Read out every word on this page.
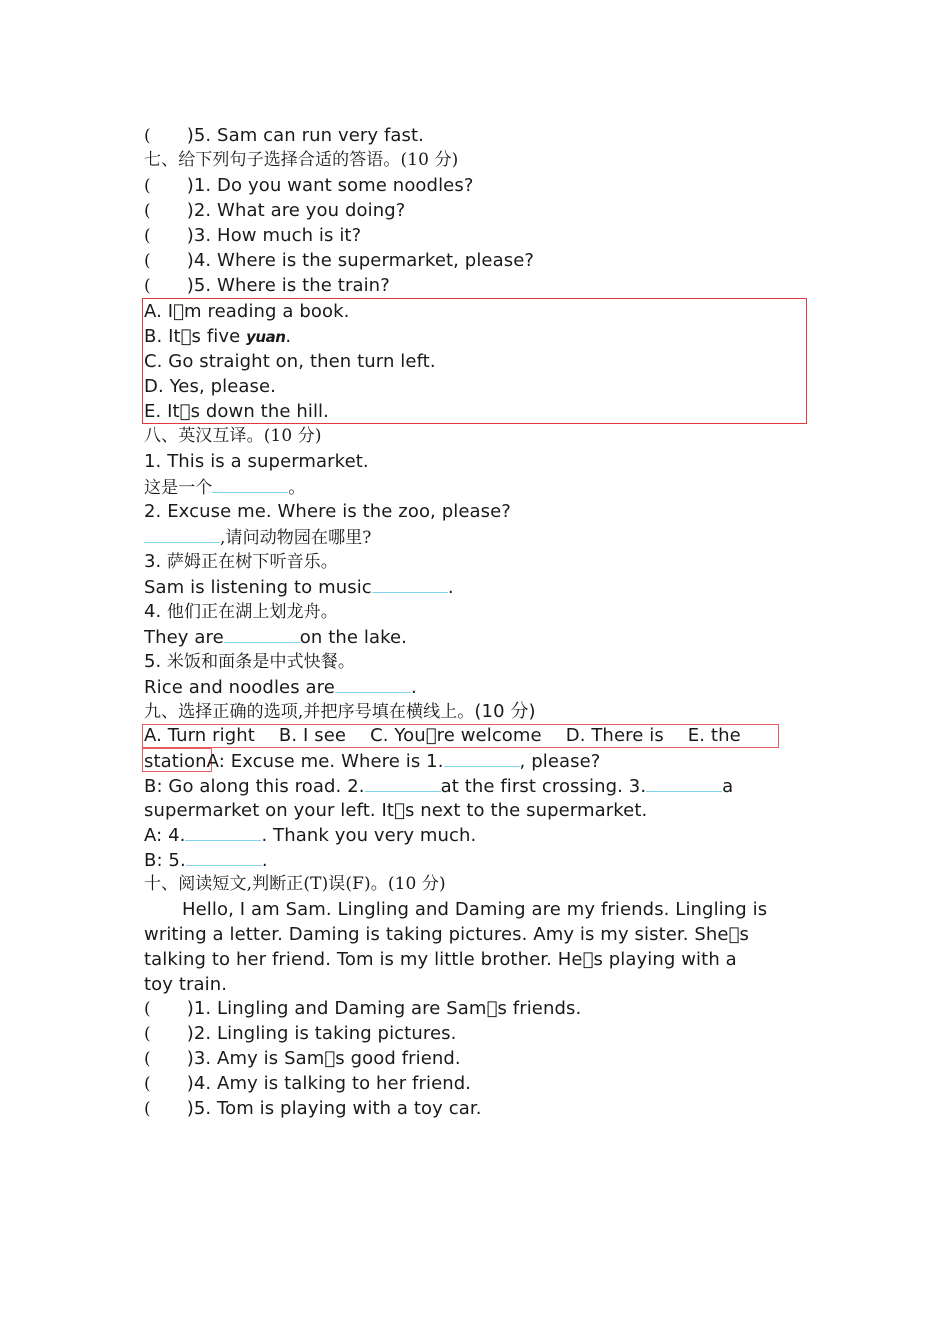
( )5. Sam can run very fast.
七、给下列句子选择合适的答语。(10 分)
( )1. Do you want some noodles?
( )2. What are you doing?
( )3. How much is it?
( )4. Where is the supermarket, please?
( )5. Where is the train?
A. I m reading a book.
B. It s five yuan.
C. Go straight on, then turn left.
D. Yes, please.
E. It s down the hill.
八、英汉互译。(10 分)
1. This is a supermarket.
这是一个	。
2. Excuse me. Where is the zoo, please?
,请问动物园在哪里?
3. 萨姆正在树下听音乐。
Sam is listening to music	.
4. 他们正在湖上划龙舟。
They are	on the lake.
5. 米饭和面条是中式快餐。
Rice and noodles are	.
九、选择正确的选项,并把序号填在横线上。(10 分)
A. Turn right B. I see C. You re welcome D. There is E. the
stationA: Excuse me. Where is 1.	, please?
B: Go along this road. 2.	at the first crossing. 3.	a
supermarket on your left. It s next to the supermarket.
A: 4.	. Thank you very much.
B: 5.	.
十、阅读短文,判断正(T)误(F)。(10 分)
Hello, I am Sam. Lingling and Daming are my friends. Lingling is
writing a letter. Daming is taking pictures. Amy is my sister. She s
talking to her friend. Tom is my little brother. He s playing with a
toy train.
( )1. Lingling and Daming are Sam s friends.
( )2. Lingling is taking pictures.
( )3. Amy is Sam s good friend.
( )4. Amy is talking to her friend.
( )5. Tom is playing with a toy car.
